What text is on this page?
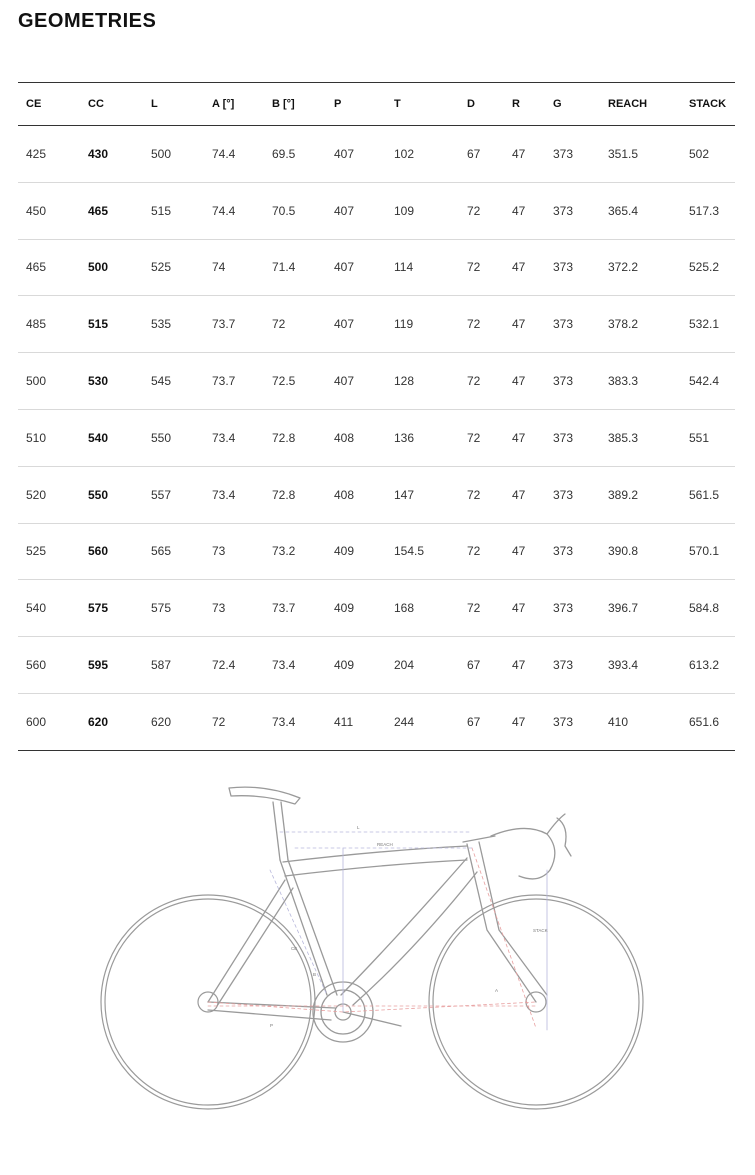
GEOMETRIES
CE	CC	L	A [°]	B [°]	P	T	D	R	G	REACH	STACK
425	430	500	74.4	69.5	407	102	67	47	373	351.5	502
450	465	515	74.4	70.5	407	109	72	47	373	365.4	517.3
465	500	525	74	71.4	407	114	72	47	373	372.2	525.2
485	515	535	73.7	72	407	119	72	47	373	378.2	532.1
500	530	545	73.7	72.5	407	128	72	47	373	383.3	542.4
510	540	550	73.4	72.8	408	136	72	47	373	385.3	551
520	550	557	73.4	72.8	408	147	72	47	373	389.2	561.5
525	560	565	73	73.2	409	154.5	72	47	373	390.8	570.1
540	575	575	73	73.7	409	168	72	47	373	396.7	584.8
560	595	587	72.4	73.4	409	204	67	47	373	393.4	613.2
600	620	620	72	73.4	411	244	67	47	373	410	651.6
L
REACH
STACK
CE
B
A
P
